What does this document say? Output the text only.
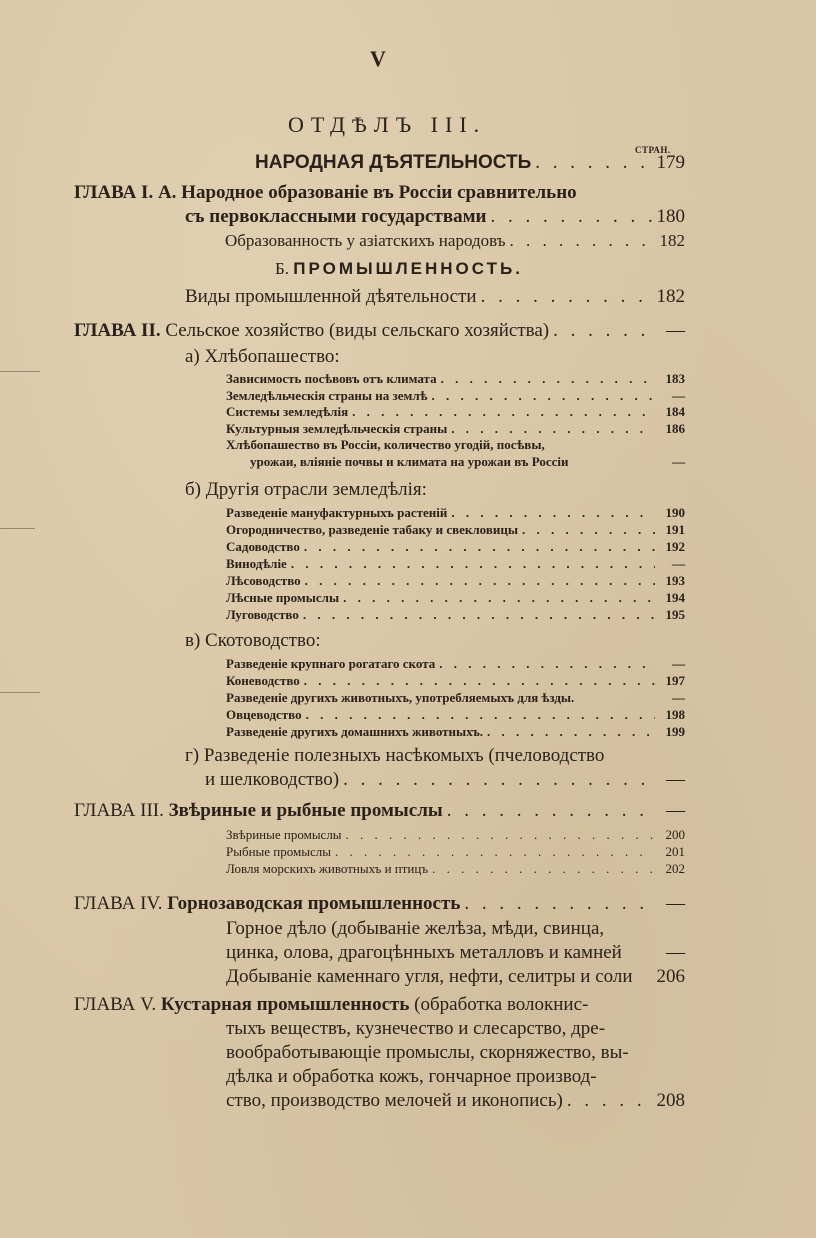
V
ОТДѢЛЪ III.
СТРАН.
НАРОДНАЯ ДѢЯТЕЛЬНОСТЬ . . .	179
ГЛАВА I. А. Народное образованіе въ Россіи сравнительно
съ первоклассными государствами . . .	180
Образованность у азіатскихъ народовъ . . .	182
Б. ПРОМЫШЛЕННОСТЬ.
Виды промышленной дѣятельности . . .	182
ГЛАВА II.
Сельское хозяйство (виды сельскаго хозяйства) . . .	—
а) Хлѣбопашество:
Зависимость посѣвовъ отъ климата . . .	183
Земледѣльческія страны на землѣ . . .	—
Системы земледѣлія . . .	184
Культурныя земледѣльческія страны . . .	186
Хлѣбопашество въ Россіи, количество угодій, посѣвы,
урожаи, вліяніе почвы и климата на урожаи въ Россіи	—
б) Другія отрасли земледѣлія:
Разведеніе мануфактурныхъ растеній . . .	190
Огородничество, разведеніе табаку и свекловицы . . .	191
Садоводство . . .	192
Винодѣліе . . .	—
Лѣсоводство . . .	193
Лѣсные промыслы . . .	194
Луговодство . . .	195
в) Скотоводство:
Разведеніе крупнаго рогатаго скота . . .	—
Коневодство . . .	197
Разведеніе другихъ животныхъ, употребляемыхъ для ѣзды.	—
Овцеводство . . .	198
Разведеніе другихъ домашнихъ животныхъ. . . .	199
г) Разведеніе полезныхъ насѣкомыхъ (пчеловодство
и шелководство) . . .	—
ГЛАВА III.
Звѣриные и рыбные промыслы . . .	—
Звѣриные промыслы . . .	200
Рыбные промыслы . . .	201
Ловля морскихъ животныхъ и птицъ . . .	202
ГЛАВА IV.
Горнозаводская промышленность . . .	—
Горное дѣло (добываніе желѣза, мѣди, свинца,
цинка, олова, драгоцѣнныхъ металловъ и камней	—
Добываніе каменнаго угля, нефти, селитры и соли 206
ГЛАВА V. Кустарная промышленность (обработка волокнис-
тыхъ веществъ, кузнечество и слесарство, дре-
вообработывающіе промыслы, скорняжество, вы-
дѣлка и обработка кожъ, гончарное производ-
ство, производство мелочей и иконопись) . . .	208
